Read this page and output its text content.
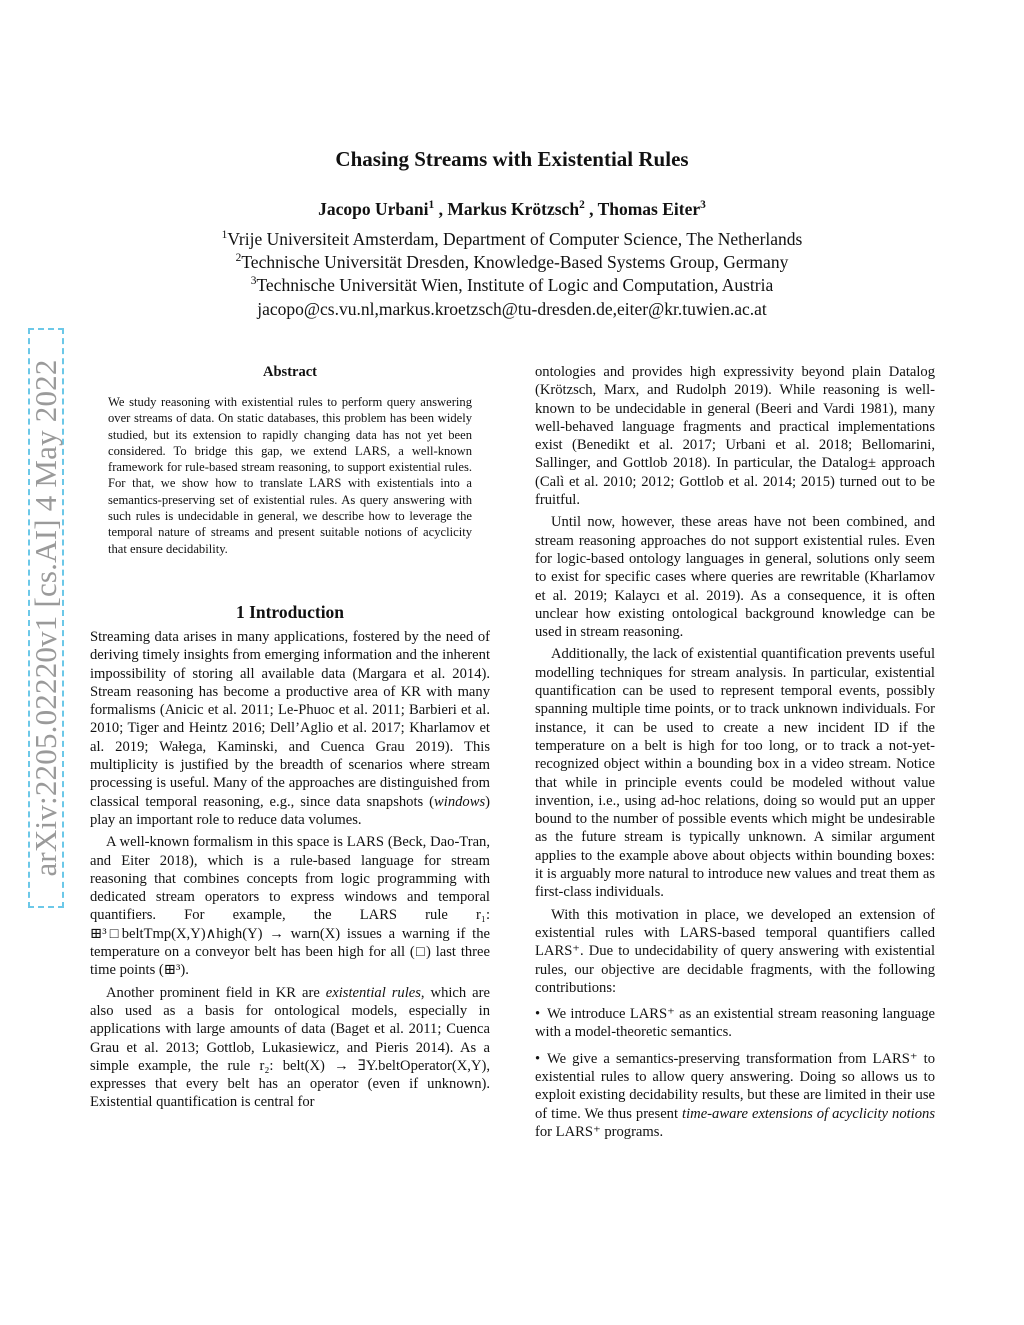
arXiv:2205.02220v1 [cs.AI] 4 May 2022
Chasing Streams with Existential Rules
Jacopo Urbani$^1$ , Markus Krötzsch$^2$ , Thomas Eiter$^3$
$^1$Vrije Universiteit Amsterdam, Department of Computer Science, The Netherlands
$^2$Technische Universität Dresden, Knowledge-Based Systems Group, Germany
$^3$Technische Universität Wien, Institute of Logic and Computation, Austria
jacopo@cs.vu.nl,markus.kroetzsch@tu-dresden.de,eiter@kr.tuwien.ac.at
Abstract
We study reasoning with existential rules to perform query answering over streams of data. On static databases, this problem has been widely studied, but its extension to rapidly changing data has not yet been considered. To bridge this gap, we extend LARS, a well-known framework for rule-based stream reasoning, to support existential rules. For that, we show how to translate LARS with existentials into a semantics-preserving set of existential rules. As query answering with such rules is undecidable in general, we describe how to leverage the temporal nature of streams and present suitable notions of acyclicity that ensure decidability.
1 Introduction

Streaming data arises in many applications, fostered by the need of deriving timely insights from emerging information and the inherent impossibility of storing all available data (Margara et al. 2014). Stream reasoning has become a productive area of KR with many formalisms (Anicic et al. 2011; Le-Phuoc et al. 2011; Barbieri et al. 2010; Tiger and Heintz 2016; Dell’Aglio et al. 2017; Kharlamov et al. 2019; Wałega, Kaminski, and Cuenca Grau 2019). This multiplicity is justified by the breadth of scenarios where stream processing is useful. Many of the approaches are distinguished from classical temporal reasoning, e.g., since data snapshots (windows) play an important role to reduce data volumes.

A well-known formalism in this space is LARS (Beck, Dao-Tran, and Eiter 2018), which is a rule-based language for stream reasoning that combines concepts from logic programming with dedicated stream operators to express windows and temporal quantifiers. For example, the LARS rule r₁: ⊞³□beltTmp(X,Y)∧high(Y) → warn(X) issues a warning if the temperature on a conveyor belt has been high for all (□) last three time points (⊞³).

Another prominent field in KR are existential rules, which are also used as a basis for ontological models, especially in applications with large amounts of data (Baget et al. 2011; Cuenca Grau et al. 2013; Gottlob, Lukasiewicz, and Pieris 2014). As a simple example, the rule r₂: belt(X) → ∃Y.beltOperator(X,Y), expresses that every belt has an operator (even if unknown). Existential quantification is central for

ontologies and provides high expressivity beyond plain Datalog (Krötzsch, Marx, and Rudolph 2019). While reasoning is well-known to be undecidable in general (Beeri and Vardi 1981), many well-behaved language fragments and practical implementations exist (Benedikt et al. 2017; Urbani et al. 2018; Bellomarini, Sallinger, and Gottlob 2018). In particular, the Datalog± approach (Calì et al. 2010; 2012; Gottlob et al. 2014; 2015) turned out to be fruitful.

Until now, however, these areas have not been combined, and stream reasoning approaches do not support existential rules. Even for logic-based ontology languages in general, solutions only seem to exist for specific cases where queries are rewritable (Kharlamov et al. 2019; Kalaycı et al. 2019). As a consequence, it is often unclear how existing ontological background knowledge can be used in stream reasoning.

Additionally, the lack of existential quantification prevents useful modelling techniques for stream analysis. In particular, existential quantification can be used to represent temporal events, possibly spanning multiple time points, or to track unknown individuals. For instance, it can be used to create a new incident ID if the temperature on a belt is high for too long, or to track a not-yet-recognized object within a bounding box in a video stream. Notice that while in principle events could be modeled without value invention, i.e., using ad-hoc relations, doing so would put an upper bound to the number of possible events which might be undesirable as the future stream is typically unknown. A similar argument applies to the example above about objects within bounding boxes: it is arguably more natural to introduce new values and treat them as first-class individuals.

With this motivation in place, we developed an extension of existential rules with LARS-based temporal quantifiers called LARS⁺. Due to undecidability of query answering with existential rules, our objective are decidable fragments, with the following contributions:

• We introduce LARS⁺ as an existential stream reasoning language with a model-theoretic semantics.

• We give a semantics-preserving transformation from LARS⁺ to existential rules to allow query answering. Doing so allows us to exploit existing decidability results, but these are limited in their use of time. We thus present time-aware extensions of acyclicity notions for LARS⁺ programs.
